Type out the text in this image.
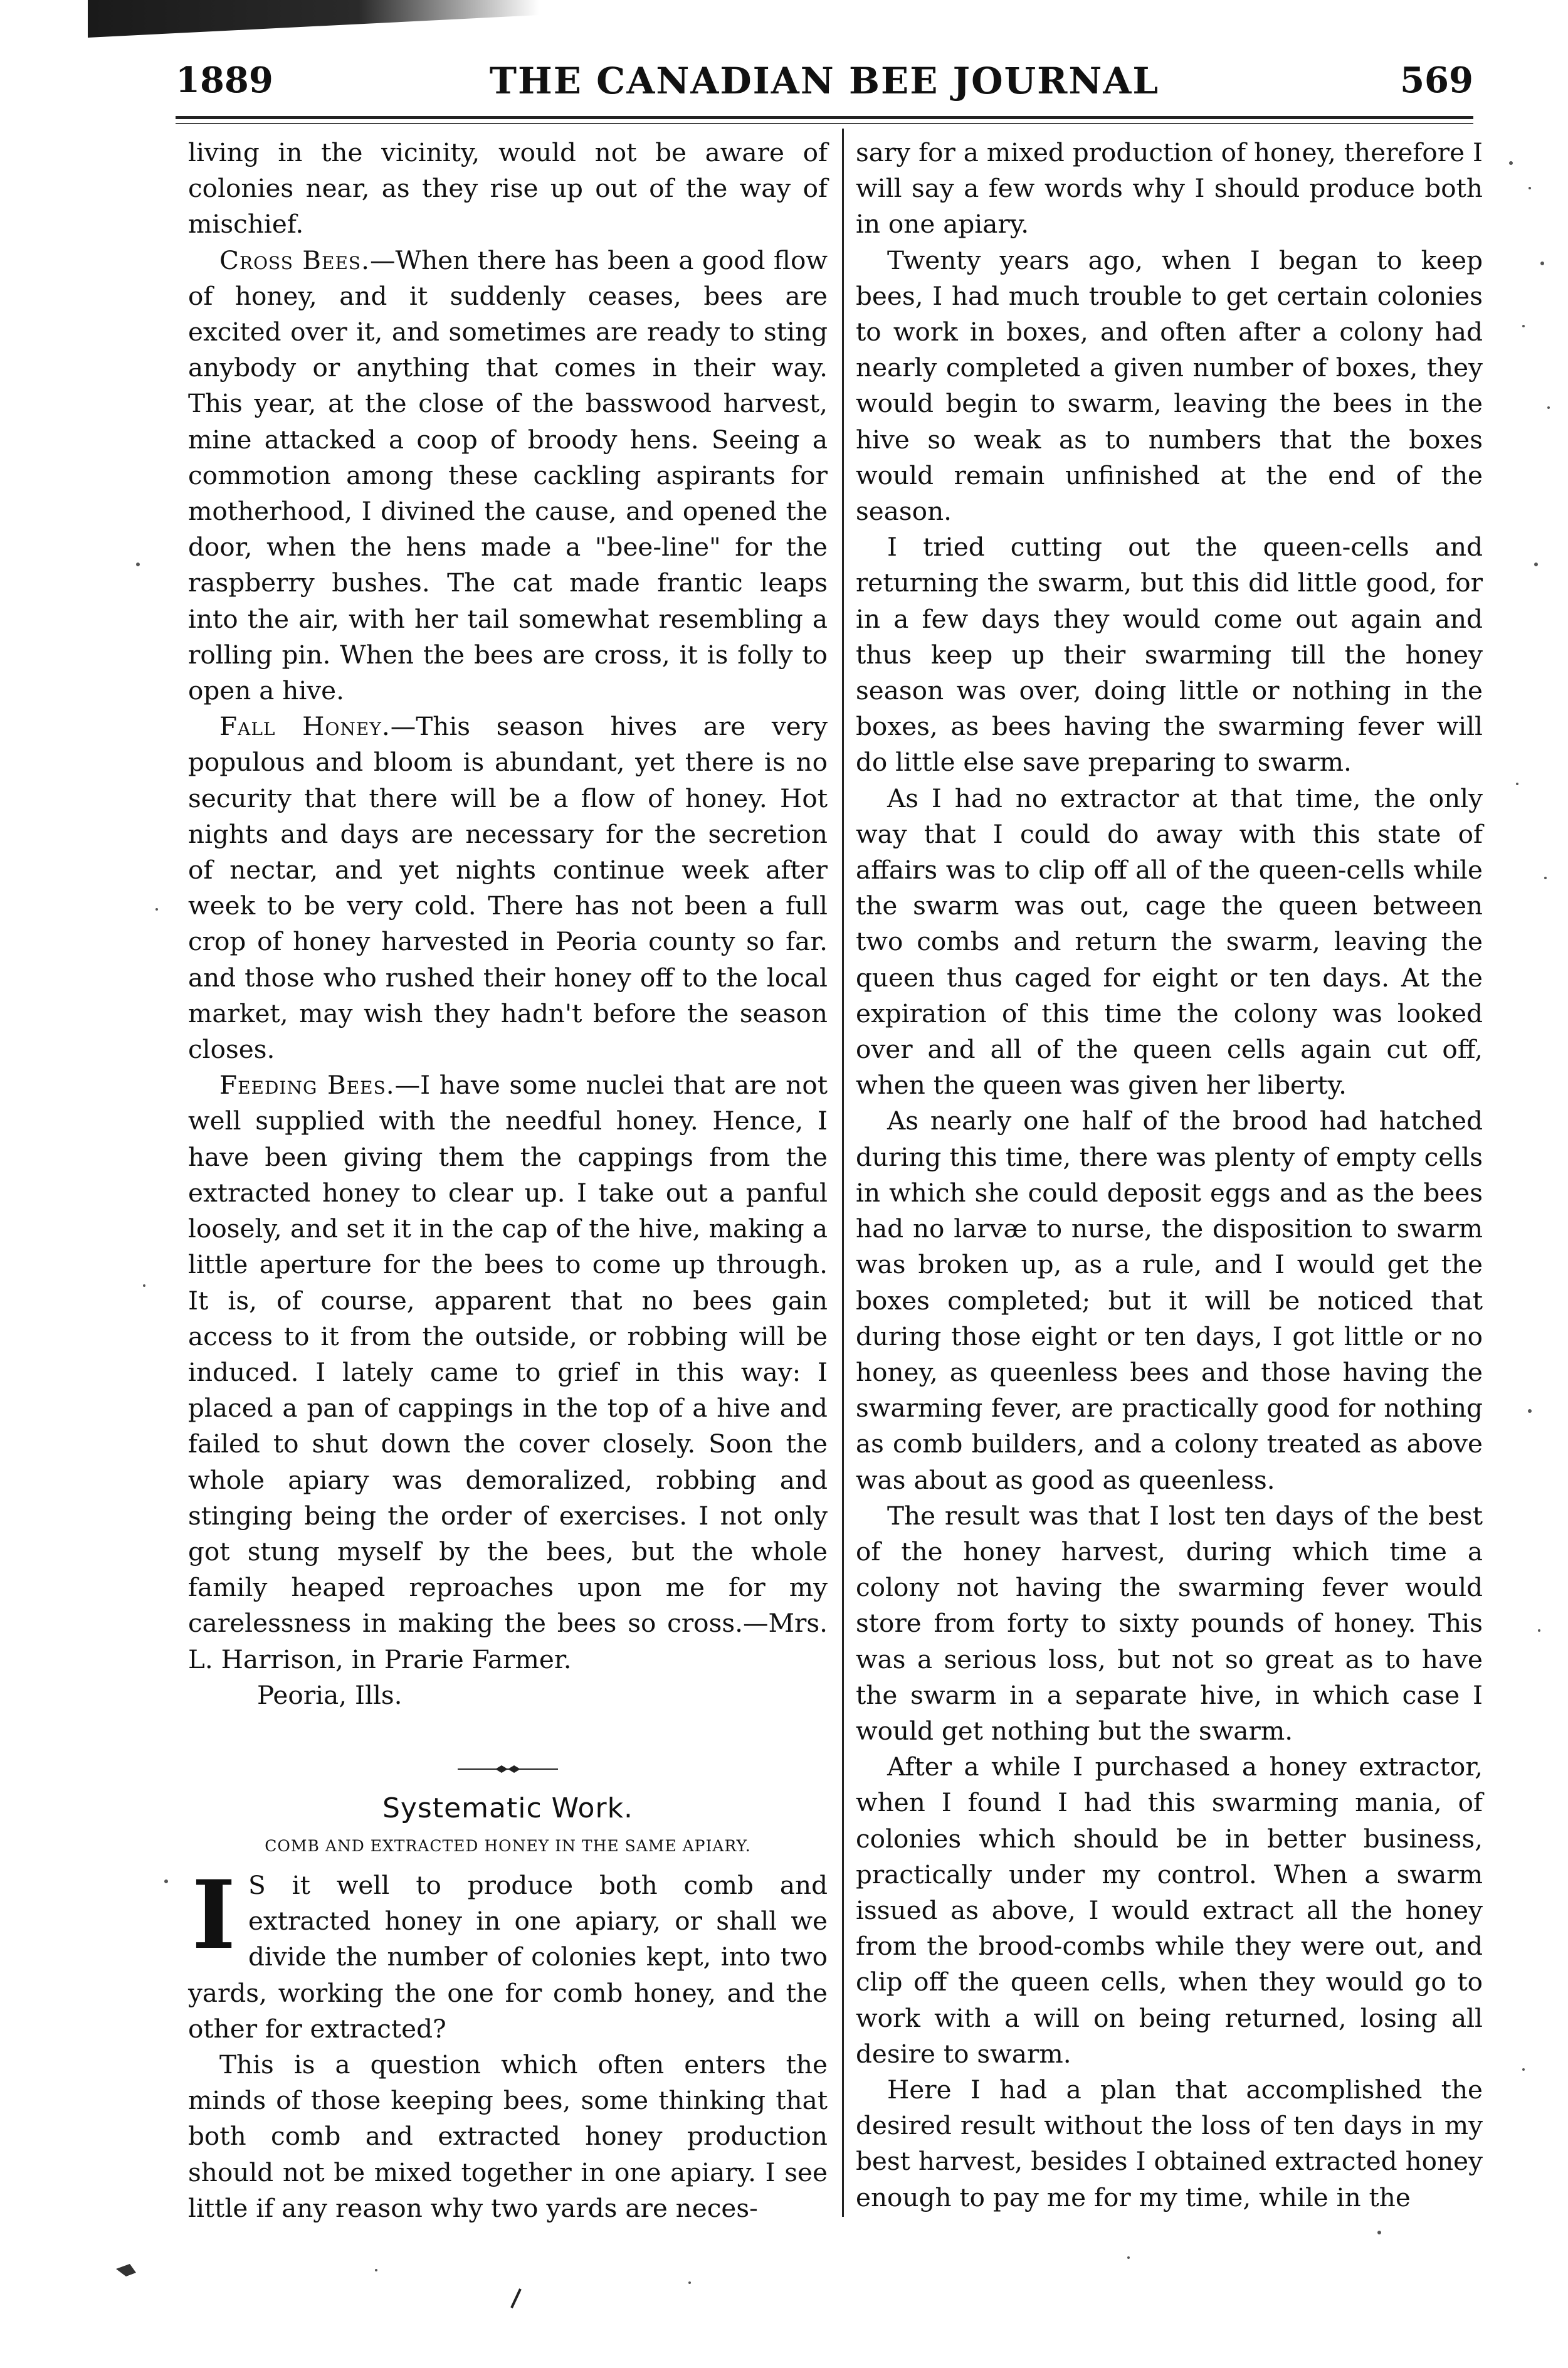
1889	THE CANADIAN BEE JOURNAL	569

living in the vicinity, would not be aware of colonies near, as they rise up out of the way of mischief.

Cross Bees.—When there has been a good flow of honey, and it suddenly ceases, bees are excited over it, and sometimes are ready to sting anybody or anything that comes in their way. This year, at the close of the basswood harvest, mine attacked a coop of broody hens. Seeing a commotion among these cackling aspirants for motherhood, I divined the cause, and opened the door, when the hens made a "bee-line" for the raspberry bushes. The cat made frantic leaps into the air, with her tail somewhat resembling a rolling pin. When the bees are cross, it is folly to open a hive.

Fall Honey.—This season hives are very populous and bloom is abundant, yet there is no security that there will be a flow of honey. Hot nights and days are necessary for the secretion of nectar, and yet nights continue week after week to be very cold. There has not been a full crop of honey harvested in Peoria county so far. and those who rushed their honey off to the local market, may wish they hadn't before the season closes.

Feeding Bees.—I have some nuclei that are not well supplied with the needful honey. Hence, I have been giving them the cappings from the extracted honey to clear up. I take out a panful loosely, and set it in the cap of the hive, making a little aperture for the bees to come up through. It is, of course, apparent that no bees gain access to it from the outside, or robbing will be induced. I lately came to grief in this way: I placed a pan of cappings in the top of a hive and failed to shut down the cover closely. Soon the whole apiary was demoralized, robbing and stinging being the order of exercises. I not only got stung myself by the bees, but the whole family heaped reproaches upon me for my carelessness in making the bees so cross.—Mrs. L. Harrison, in Prarie Farmer.

Peoria, Ills.

Systematic Work.
COMB AND EXTRACTED HONEY IN THE SAME APIARY.

I S it well to produce both comb and extracted honey in one apiary, or shall we divide the number of colonies kept, into two yards, working the one for comb honey, and the other for extracted?

This is a question which often enters the minds of those keeping bees, some thinking that both comb and extracted honey production should not be mixed together in one apiary. I see little if any reason why two yards are neces-

sary for a mixed production of honey, therefore I will say a few words why I should produce both in one apiary.

Twenty years ago, when I began to keep bees, I had much trouble to get certain colonies to work in boxes, and often after a colony had nearly completed a given number of boxes, they would begin to swarm, leaving the bees in the hive so weak as to numbers that the boxes would remain unfinished at the end of the season.

I tried cutting out the queen-cells and returning the swarm, but this did little good, for in a few days they would come out again and thus keep up their swarming till the honey season was over, doing little or nothing in the boxes, as bees having the swarming fever will do little else save preparing to swarm.

As I had no extractor at that time, the only way that I could do away with this state of affairs was to clip off all of the queen-cells while the swarm was out, cage the queen between two combs and return the swarm, leaving the queen thus caged for eight or ten days. At the expiration of this time the colony was looked over and all of the queen cells again cut off, when the queen was given her liberty.

As nearly one half of the brood had hatched during this time, there was plenty of empty cells in which she could deposit eggs and as the bees had no larvæ to nurse, the disposition to swarm was broken up, as a rule, and I would get the boxes completed; but it will be noticed that during those eight or ten days, I got little or no honey, as queenless bees and those having the swarming fever, are practically good for nothing as comb builders, and a colony treated as above was about as good as queenless.

The result was that I lost ten days of the best of the honey harvest, during which time a colony not having the swarming fever would store from forty to sixty pounds of honey. This was a serious loss, but not so great as to have the swarm in a separate hive, in which case I would get nothing but the swarm.

After a while I purchased a honey extractor, when I found I had this swarming mania, of colonies which should be in better business, practically under my control. When a swarm issued as above, I would extract all the honey from the brood-combs while they were out, and clip off the queen cells, when they would go to work with a will on being returned, losing all desire to swarm.

Here I had a plan that accomplished the desired result without the loss of ten days in my best harvest, besides I obtained extracted honey enough to pay me for my time, while in the
